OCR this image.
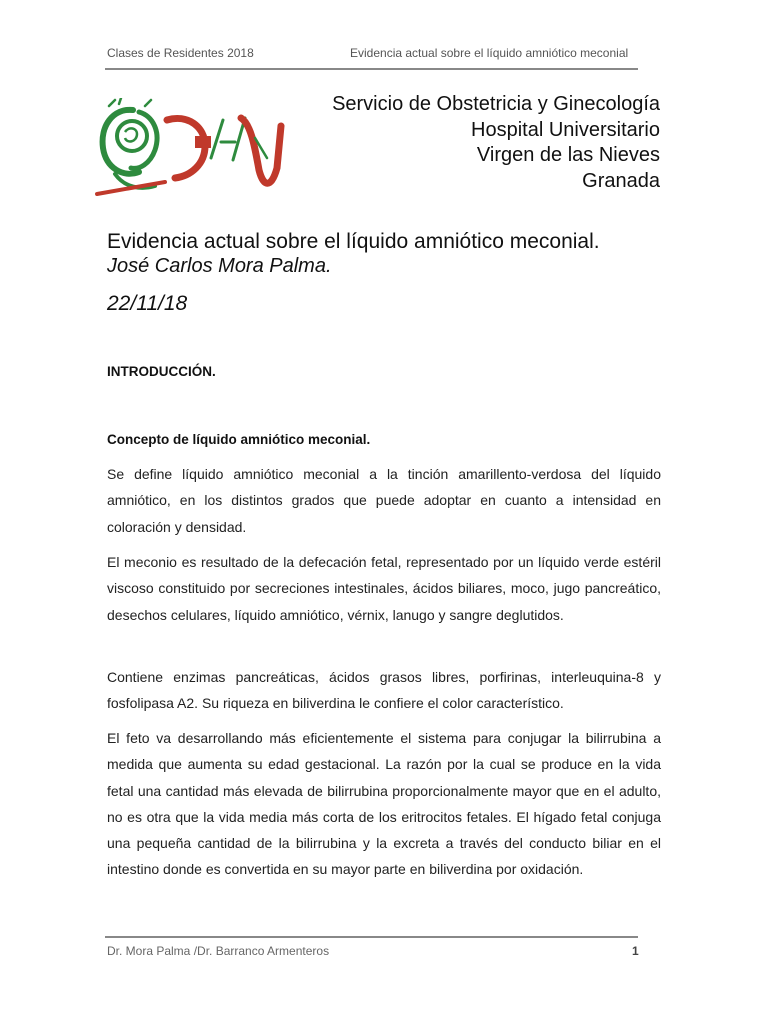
Clases de Residentes 2018	Evidencia actual sobre el líquido amniótico meconial
Servicio de Obstetricia y Ginecología
Hospital Universitario
Virgen de las Nieves
Granada
Evidencia actual sobre el líquido amniótico meconial.
José Carlos Mora Palma.
22/11/18
INTRODUCCIÓN.
Concepto de líquido amniótico meconial.
Se define líquido amniótico meconial a la tinción amarillento-verdosa del líquido amniótico, en los distintos grados que puede adoptar en cuanto a intensidad en coloración y densidad.
El meconio es resultado de la defecación fetal, representado por un líquido verde estéril viscoso constituido por secreciones intestinales, ácidos biliares, moco, jugo pancreático, desechos celulares, líquido amniótico, vérnix, lanugo y sangre deglutidos.
Contiene enzimas pancreáticas, ácidos grasos libres, porfirinas, interleuquina-8 y fosfolipasa A2. Su riqueza en biliverdina le confiere el color característico.
El feto va desarrollando más eficientemente el sistema para conjugar la bilirrubina a medida que aumenta su edad gestacional. La razón por la cual se produce en la vida fetal una cantidad más elevada de bilirrubina proporcionalmente mayor que en el adulto, no es otra que la vida media más corta de los eritrocitos fetales. El hígado fetal conjuga una pequeña cantidad de la bilirrubina y la excreta a través del conducto biliar en el intestino donde es convertida en su mayor parte en biliverdina por oxidación.
Dr. Mora Palma /Dr. Barranco Armenteros	1
